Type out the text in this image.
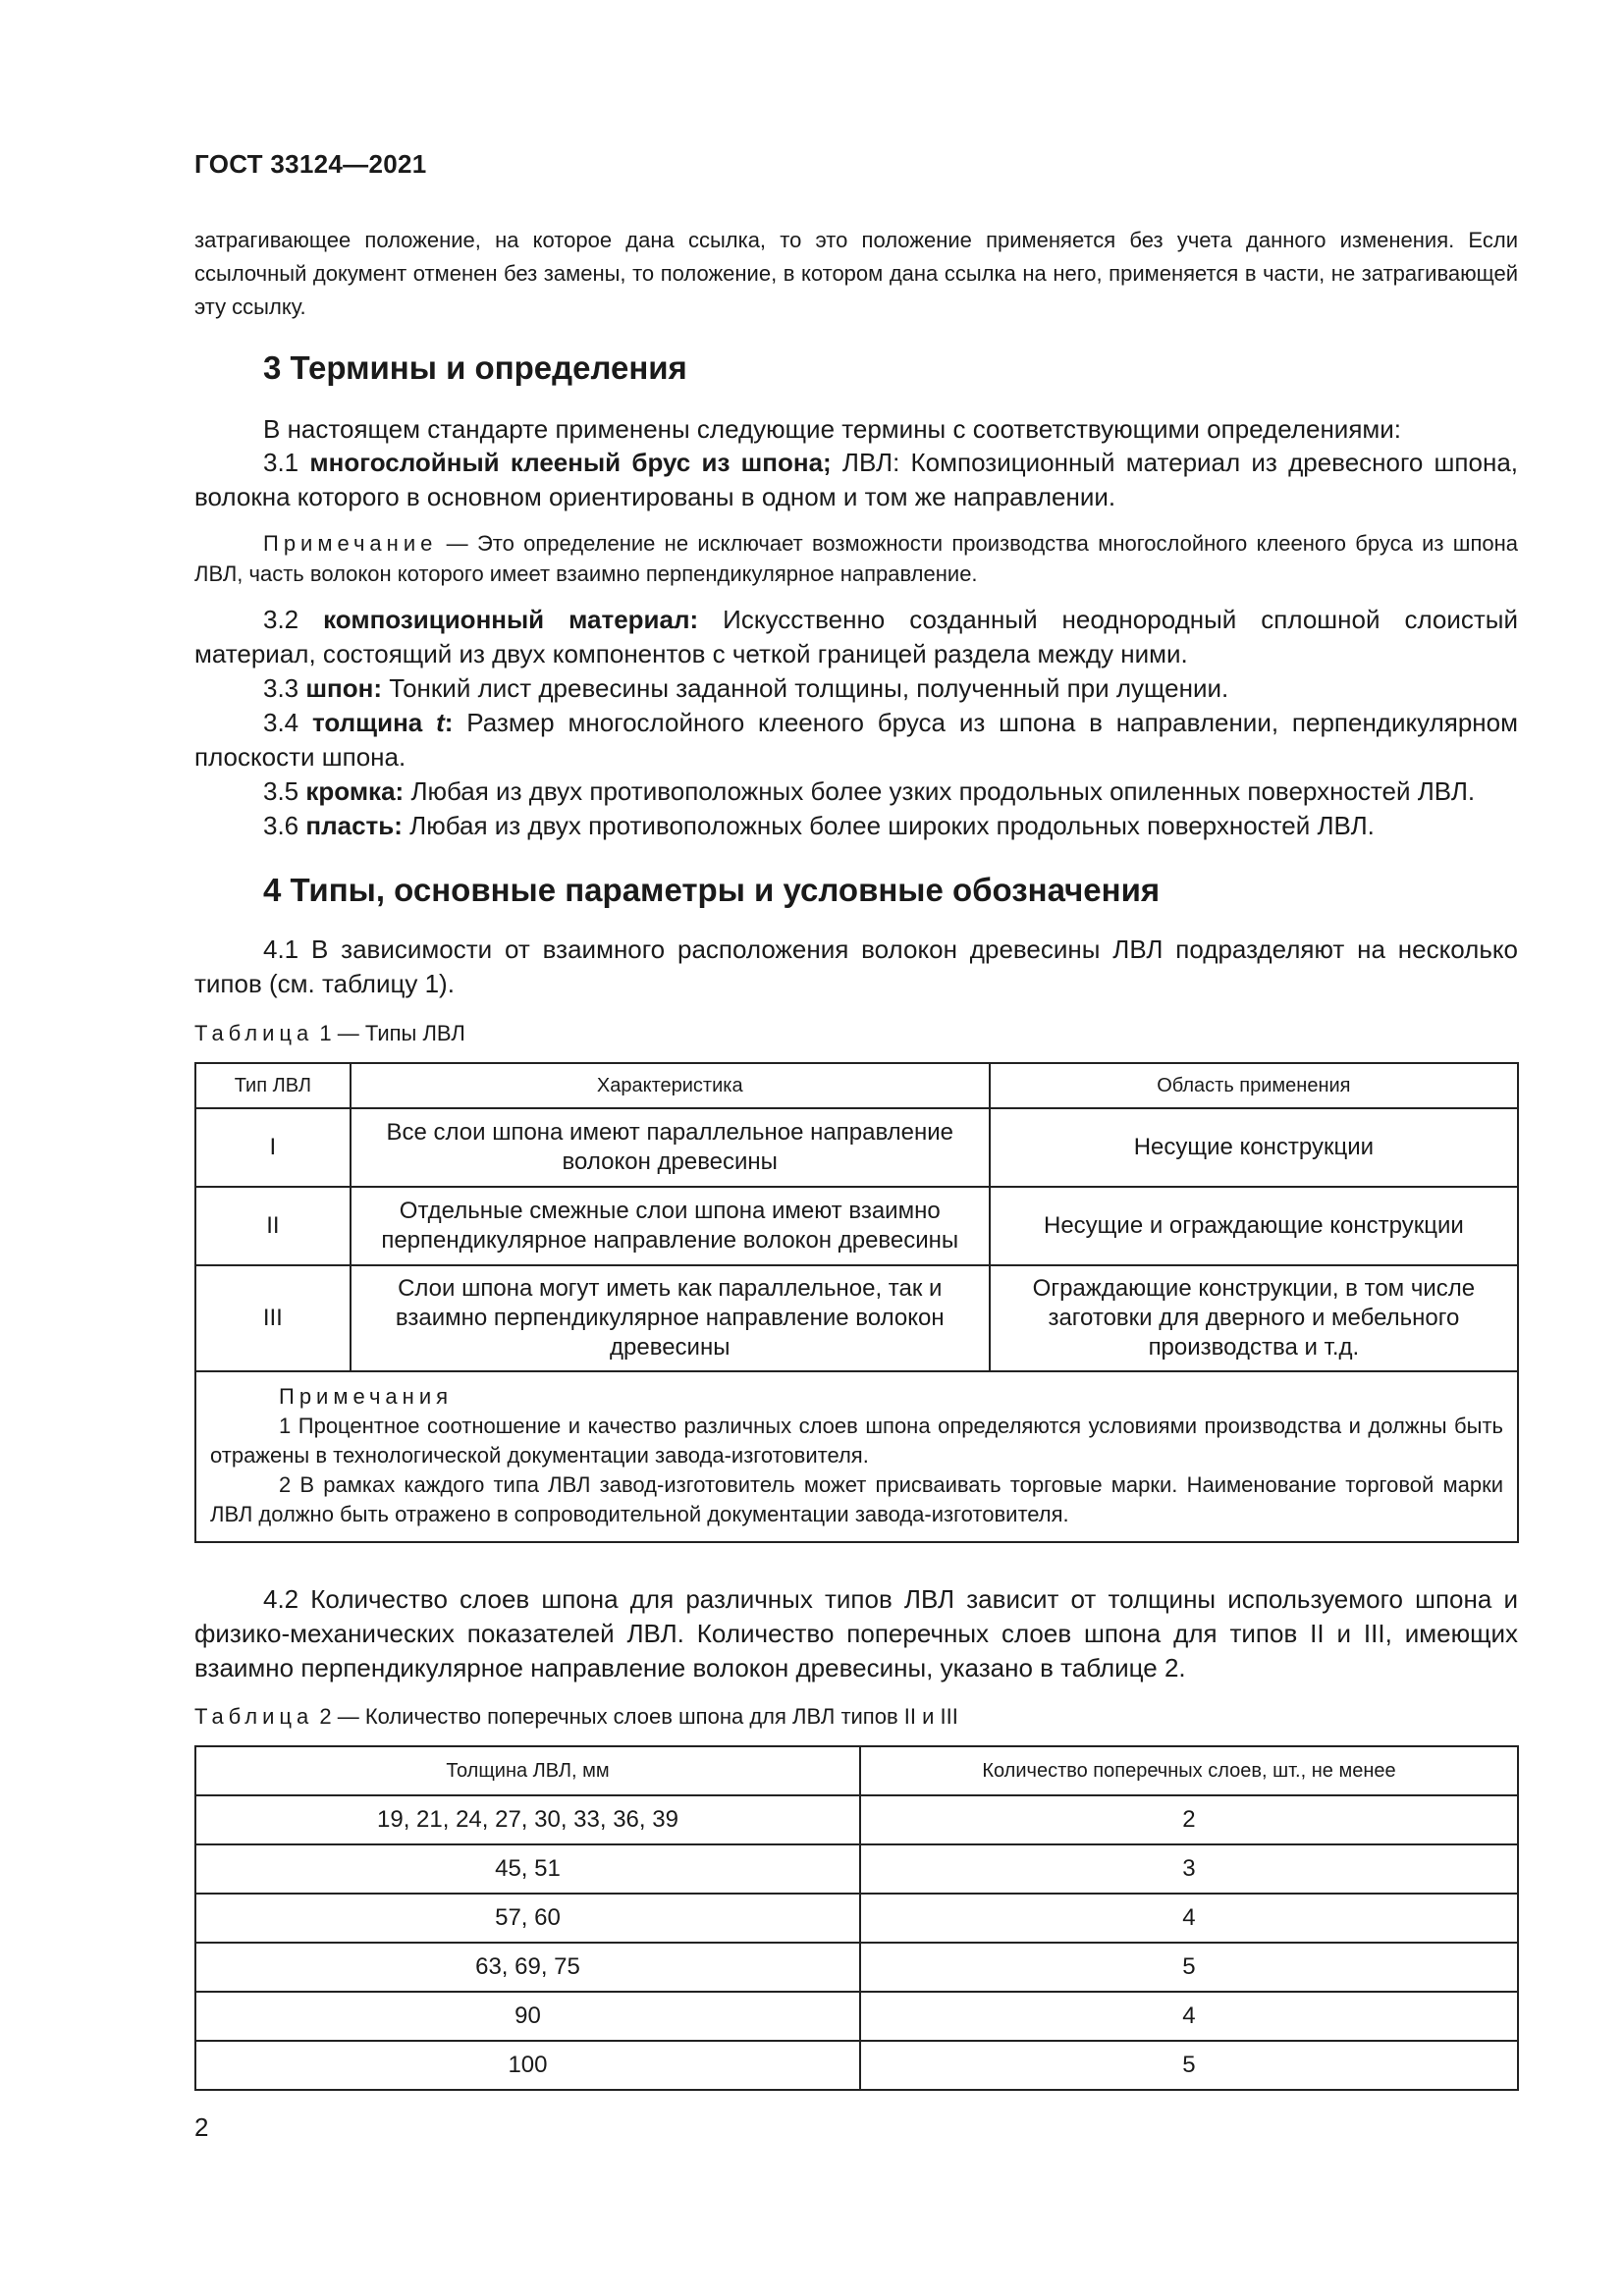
ГОСТ 33124—2021
затрагивающее положение, на которое дана ссылка, то это положение применяется без учета данного изменения. Если ссылочный документ отменен без замены, то положение, в котором дана ссылка на него, применяется в части, не затрагивающей эту ссылку.
3 Термины и определения
В настоящем стандарте применены следующие термины с соответствующими определениями:
3.1 многослойный клееный брус из шпона; ЛВЛ: Композиционный материал из древесного шпона, волокна которого в основном ориентированы в одном и том же направлении.
Примечание — Это определение не исключает возможности производства многослойного клееного бруса из шпона ЛВЛ, часть волокон которого имеет взаимно перпендикулярное направление.
3.2 композиционный материал: Искусственно созданный неоднородный сплошной слоистый материал, состоящий из двух компонентов с четкой границей раздела между ними.
3.3 шпон: Тонкий лист древесины заданной толщины, полученный при лущении.
3.4 толщина t: Размер многослойного клееного бруса из шпона в направлении, перпендикулярном плоскости шпона.
3.5 кромка: Любая из двух противоположных более узких продольных опиленных поверхностей ЛВЛ.
3.6 пласть: Любая из двух противоположных более широких продольных поверхностей ЛВЛ.
4 Типы, основные параметры и условные обозначения
4.1 В зависимости от взаимного расположения волокон древесины ЛВЛ подразделяют на несколько типов (см. таблицу 1).
Таблица 1 — Типы ЛВЛ
Тип ЛВЛ	Характеристика	Область применения
I	Все слои шпона имеют параллельное направление волокон древесины	Несущие конструкции
II	Отдельные смежные слои шпона имеют взаимно перпендикулярное направление волокон древесины	Несущие и ограждающие конструкции
III	Слои шпона могут иметь как параллельное, так и взаимно перпендикулярное направление волокон древесины	Ограждающие конструкции, в том числе заготовки для дверного и мебельного производства и т.д.

Примечания
1 Процентное соотношение и качество различных слоев шпона определяются условиями производства и должны быть отражены в технологической документации завода-изготовителя.
2 В рамках каждого типа ЛВЛ завод-изготовитель может присваивать торговые марки. Наименование торговой марки ЛВЛ должно быть отражено в сопроводительной документации завода-изготовителя.		
4.2 Количество слоев шпона для различных типов ЛВЛ зависит от толщины используемого шпона и физико-механических показателей ЛВЛ. Количество поперечных слоев шпона для типов II и III, имеющих взаимно перпендикулярное направление волокон древесины, указано в таблице 2.
Таблица 2 — Количество поперечных слоев шпона для ЛВЛ типов II и III
Толщина ЛВЛ, мм	Количество поперечных слоев, шт., не менее
19, 21, 24, 27, 30, 33, 36, 39	2
45, 51	3
57, 60	4
63, 69, 75	5
90	4
100	5
2
